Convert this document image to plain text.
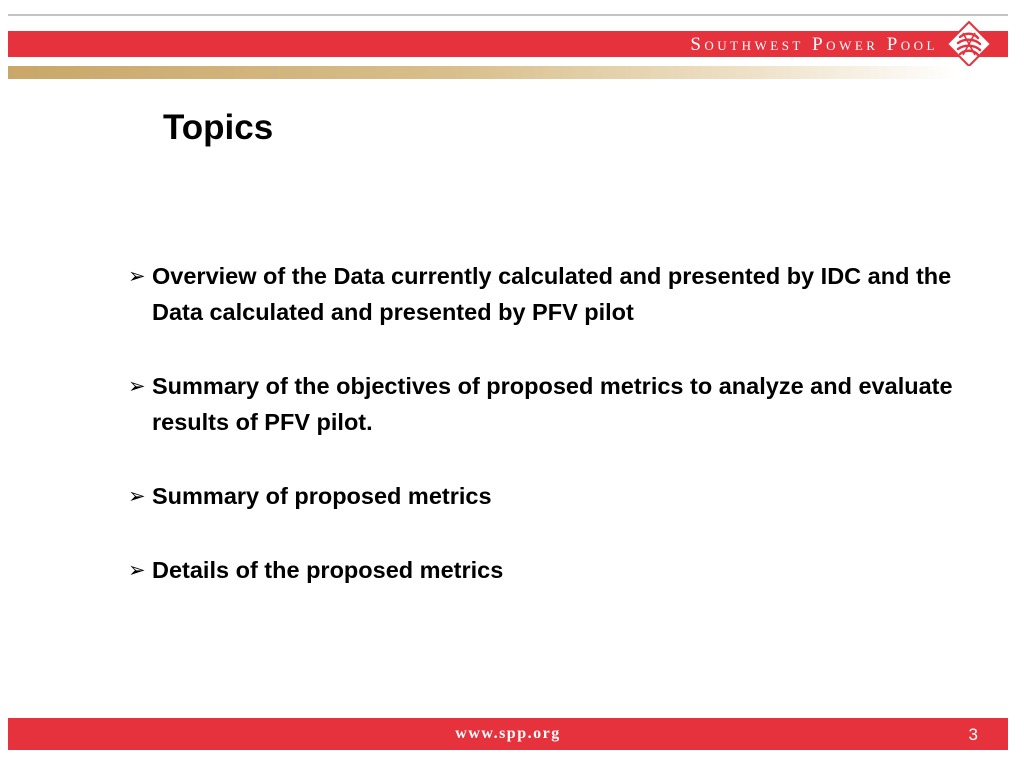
Southwest Power Pool
Topics
➢ Overview of the Data currently calculated and presented by IDC and the Data calculated and presented by PFV pilot
➢ Summary of the objectives of proposed metrics to analyze and evaluate results of PFV pilot.
➢ Summary of proposed metrics
➢ Details of the proposed metrics
www.spp.org	3
